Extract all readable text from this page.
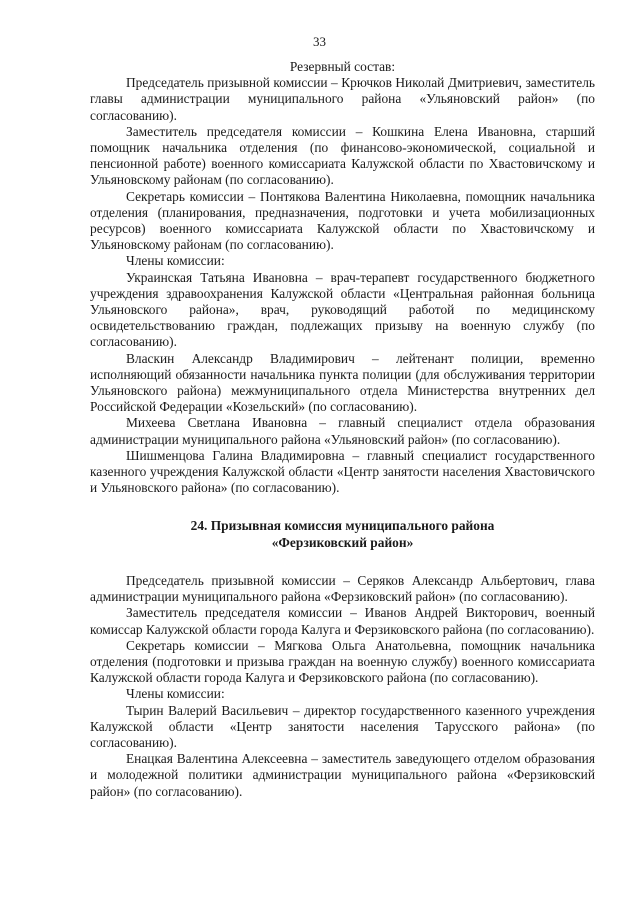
33
Резервный состав:
Председатель призывной комиссии – Крючков Николай Дмитриевич, заместитель главы администрации муниципального района «Ульяновский район» (по согласованию).
Заместитель председателя комиссии – Кошкина Елена Ивановна, старший помощник начальника отделения (по финансово-экономической, социальной и пенсионной работе) военного комиссариата Калужской области по Хвастовичскому и Ульяновскому районам (по согласованию).
Секретарь комиссии – Понтякова Валентина Николаевна, помощник начальника отделения (планирования, предназначения, подготовки и учета мобилизационных ресурсов) военного комиссариата Калужской области по Хвастовичскому и Ульяновскому районам (по согласованию).
Члены комиссии:
Украинская Татьяна Ивановна – врач-терапевт государственного бюджетного учреждения здравоохранения Калужской области «Центральная районная больница Ульяновского района», врач, руководящий работой по медицинскому освидетельствованию граждан, подлежащих призыву на военную службу (по согласованию).
Власкин Александр Владимирович – лейтенант полиции, временно исполняющий обязанности начальника пункта полиции (для обслуживания территории Ульяновского района) межмуниципального отдела Министерства внутренних дел Российской Федерации «Козельский» (по согласованию).
Михеева Светлана Ивановна – главный специалист отдела образования администрации муниципального района «Ульяновский район» (по согласованию).
Шишменцова Галина Владимировна – главный специалист государственного казенного учреждения Калужской области «Центр занятости населения Хвастовичского и Ульяновского района» (по согласованию).
24. Призывная комиссия муниципального района
«Ферзиковский район»
Председатель призывной комиссии – Серяков Александр Альбертович, глава администрации муниципального района «Ферзиковский район» (по согласованию).
Заместитель председателя комиссии – Иванов Андрей Викторович, военный комиссар Калужской области города Калуга и Ферзиковского района (по согласованию).
Секретарь комиссии – Мягкова Ольга Анатольевна, помощник начальника отделения (подготовки и призыва граждан на военную службу) военного комиссариата Калужской области города Калуга и Ферзиковского района (по согласованию).
Члены комиссии:
Тырин Валерий Васильевич – директор государственного казенного учреждения Калужской области «Центр занятости населения Тарусского района» (по согласованию).
Енацкая Валентина Алексеевна – заместитель заведующего отделом образования и молодежной политики администрации муниципального района «Ферзиковский район» (по согласованию).
